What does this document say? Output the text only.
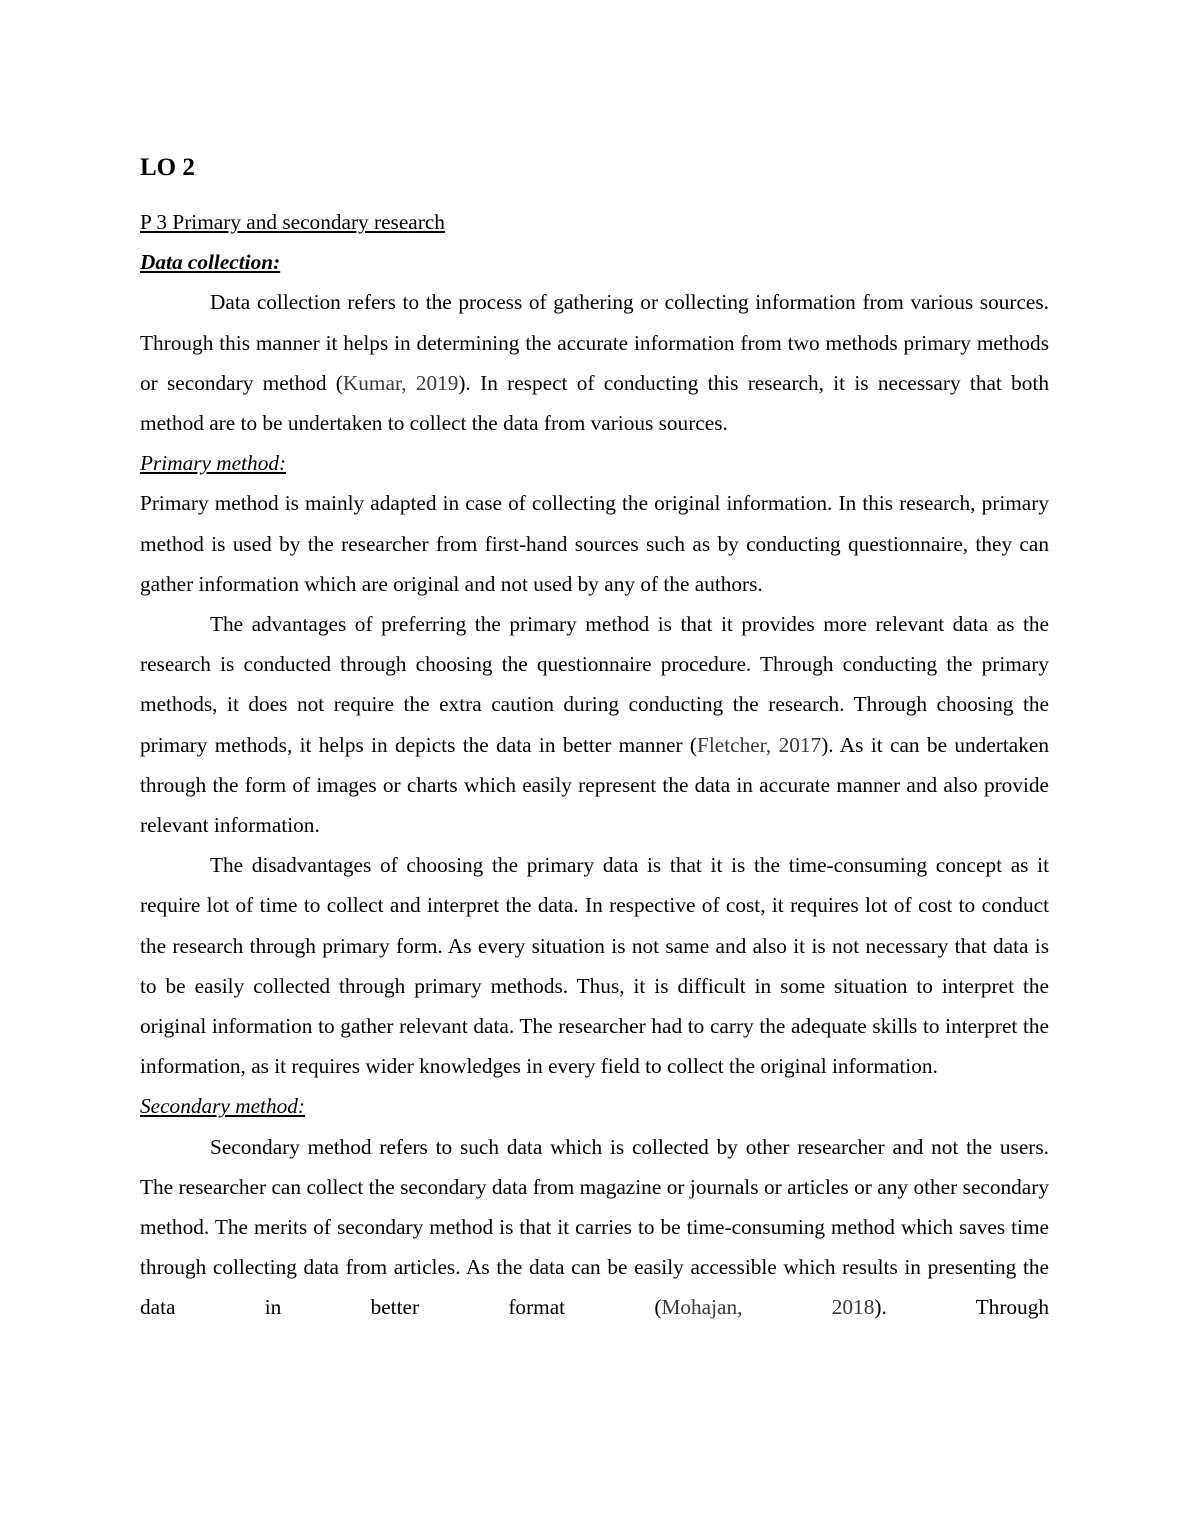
LO 2
P 3 Primary and secondary research
Data collection:

Data collection refers to the process of gathering or collecting information from various sources. Through this manner it helps in determining the accurate information from two methods primary methods or secondary method (Kumar, 2019). In respect of conducting this research, it is necessary that both method are to be undertaken to collect the data from various sources.

Primary method:

Primary method is mainly adapted in case of collecting the original information. In this research, primary method is used by the researcher from first-hand sources such as by conducting questionnaire, they can gather information which are original and not used by any of the authors.

The advantages of preferring the primary method is that it provides more relevant data as the research is conducted through choosing the questionnaire procedure. Through conducting the primary methods, it does not require the extra caution during conducting the research. Through choosing the primary methods, it helps in depicts the data in better manner (Fletcher, 2017). As it can be undertaken through the form of images or charts which easily represent the data in accurate manner and also provide relevant information.

The disadvantages of choosing the primary data is that it is the time-consuming concept as it require lot of time to collect and interpret the data. In respective of cost, it requires lot of cost to conduct the research through primary form. As every situation is not same and also it is not necessary that data is to be easily collected through primary methods. Thus, it is difficult in some situation to interpret the original information to gather relevant data. The researcher had to carry the adequate skills to interpret the information, as it requires wider knowledges in every field to collect the original information.

Secondary method:

Secondary method refers to such data which is collected by other researcher and not the users. The researcher can collect the secondary data from magazine or journals or articles or any other secondary method. The merits of secondary method is that it carries to be time-consuming method which saves time through collecting data from articles. As the data can be easily accessible which results in presenting the data in better format (Mohajan, 2018). Through
